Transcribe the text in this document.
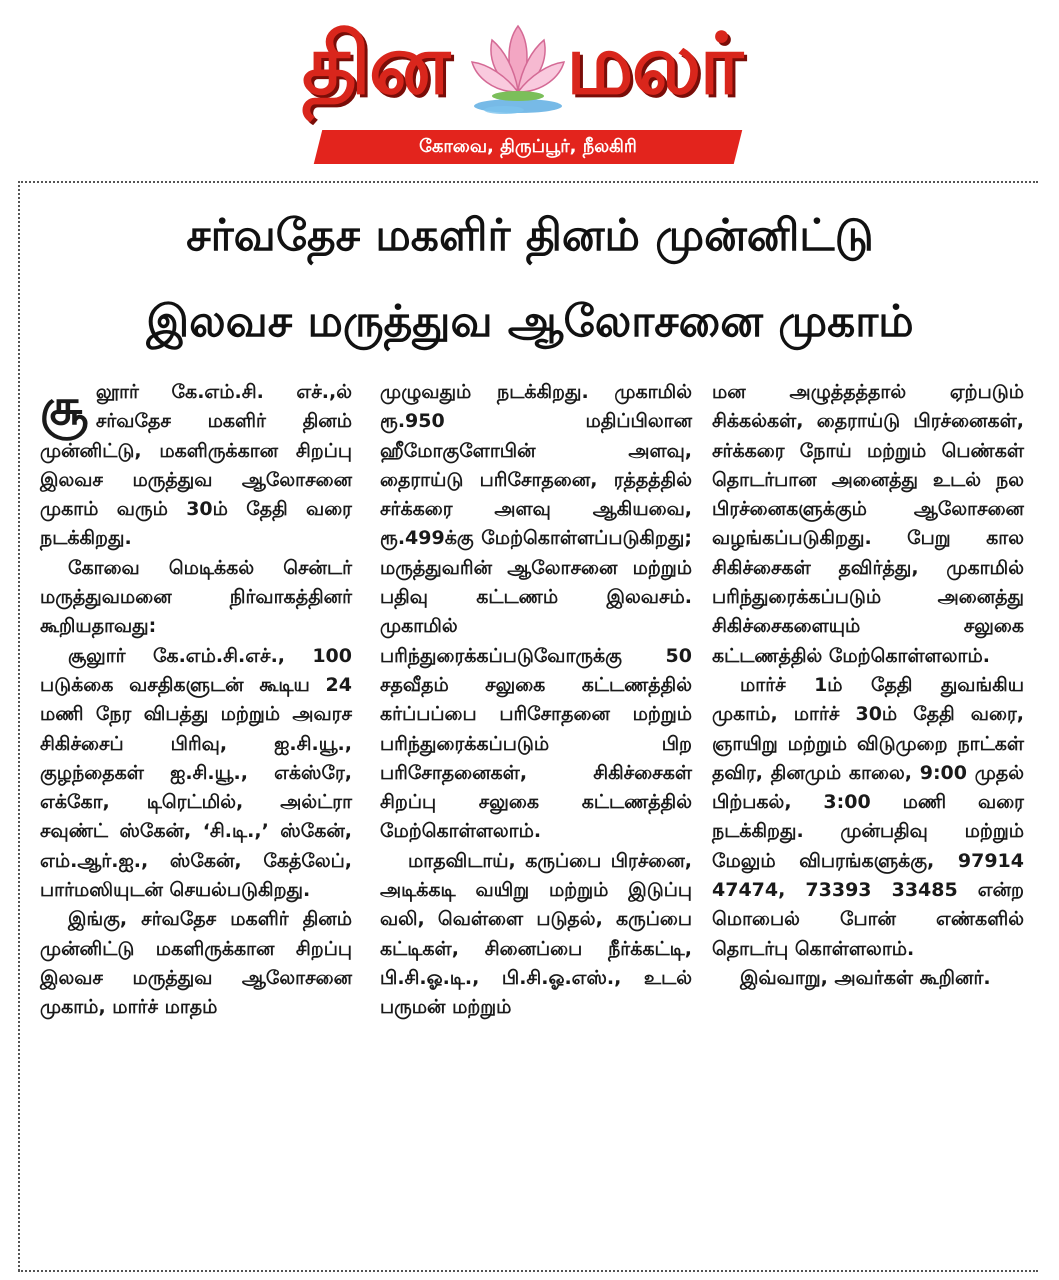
தின மலர்
கோவை, திருப்பூர், நீலகிரி
சர்வதேச மகளிர் தினம் முன்னிட்டு
இலவச மருத்துவ ஆலோசனை முகாம்

சூ லூார் கே.எம்.சி. எச்.,ல் சர்வதேச மகளிர் தினம் முன்னிட்டு, மகளிருக்கான சிறப்பு இலவச மருத்துவ ஆலோசனை முகாம் வரும் 30ம் தேதி வரை நடக்கிறது.

கோவை மெடிக்கல் சென்டர் மருத்துவமனை நிர்வாகத்தினர் கூறியதாவது:

சூலுார் கே.எம்.சி.எச்., 100 படுக்கை வசதிகளுடன் கூடிய 24 மணி நேர விபத்து மற்றும் அவரச சிகிச்சைப் பிரிவு, ஐ.சி.யூ., குழந்தைகள் ஐ.சி.யூ., எக்ஸ்ரே, எக்கோ, டிரெட்மில், அல்ட்ரா சவுண்ட் ஸ்கேன், ‘சி.டி.,’ ஸ்கேன், எம்.ஆர்.ஐ., ஸ்கேன், கேத்லேப், பார்மஸியுடன் செயல்படுகிறது.

இங்கு, சர்வதேச மகளிர் தினம் முன்னிட்டு மகளிருக்கான சிறப்பு இலவச மருத்துவ ஆலோசனை முகாம், மார்ச் மாதம்

முழுவதும் நடக்கிறது. முகாமில் ரூ.950 மதிப்பிலான ஹீமோகுளோபின் அளவு, தைராய்டு பரிசோதனை, ரத்தத்தில் சர்க்கரை அளவு ஆகியவை, ரூ.499க்கு மேற்கொள்ளப்படுகிறது; மருத்துவரின் ஆலோசனை மற்றும் பதிவு கட்டணம் இலவசம். முகாமில் பரிந்துரைக்கப்படுவோருக்கு 50 சதவீதம் சலுகை கட்டணத்தில் கர்ப்பப்பை பரிசோதனை மற்றும் பரிந்துரைக்கப்படும் பிற பரிசோதனைகள், சிகிச்சைகள் சிறப்பு சலுகை கட்டணத்தில் மேற்கொள்ளலாம்.

மாதவிடாய், கருப்பை பிரச்னை, அடிக்கடி வயிறு மற்றும் இடுப்பு வலி, வெள்ளை படுதல், கருப்பை கட்டிகள், சினைப்பை நீர்க்கட்டி, பி.சி.ஓ.டி., பி.சி.ஓ.எஸ்., உடல் பருமன் மற்றும்

மன அழுத்தத்தால் ஏற்படும் சிக்கல்கள், தைராய்டு பிரச்னைகள், சர்க்கரை நோய் மற்றும் பெண்கள் தொடர்பான அனைத்து உடல் நல பிரச்னைகளுக்கும் ஆலோசனை வழங்கப்படுகிறது. பேறு கால சிகிச்சைகள் தவிர்த்து, முகாமில் பரிந்துரைக்கப்படும் அனைத்து சிகிச்சைகளையும் சலுகை கட்டணத்தில் மேற்கொள்ளலாம்.

மார்ச் 1ம் தேதி துவங்கிய முகாம், மார்ச் 30ம் தேதி வரை, ஞாயிறு மற்றும் விடுமுறை நாட்கள் தவிர, தினமும் காலை, 9:00 முதல் பிற்பகல், 3:00 மணி வரை நடக்கிறது. முன்பதிவு மற்றும் மேலும் விபரங்களுக்கு, 97914 47474, 73393 33485 என்ற மொபைல் போன் எண்களில் தொடர்பு கொள்ளலாம்.

இவ்வாறு, அவர்கள் கூறினர்.
